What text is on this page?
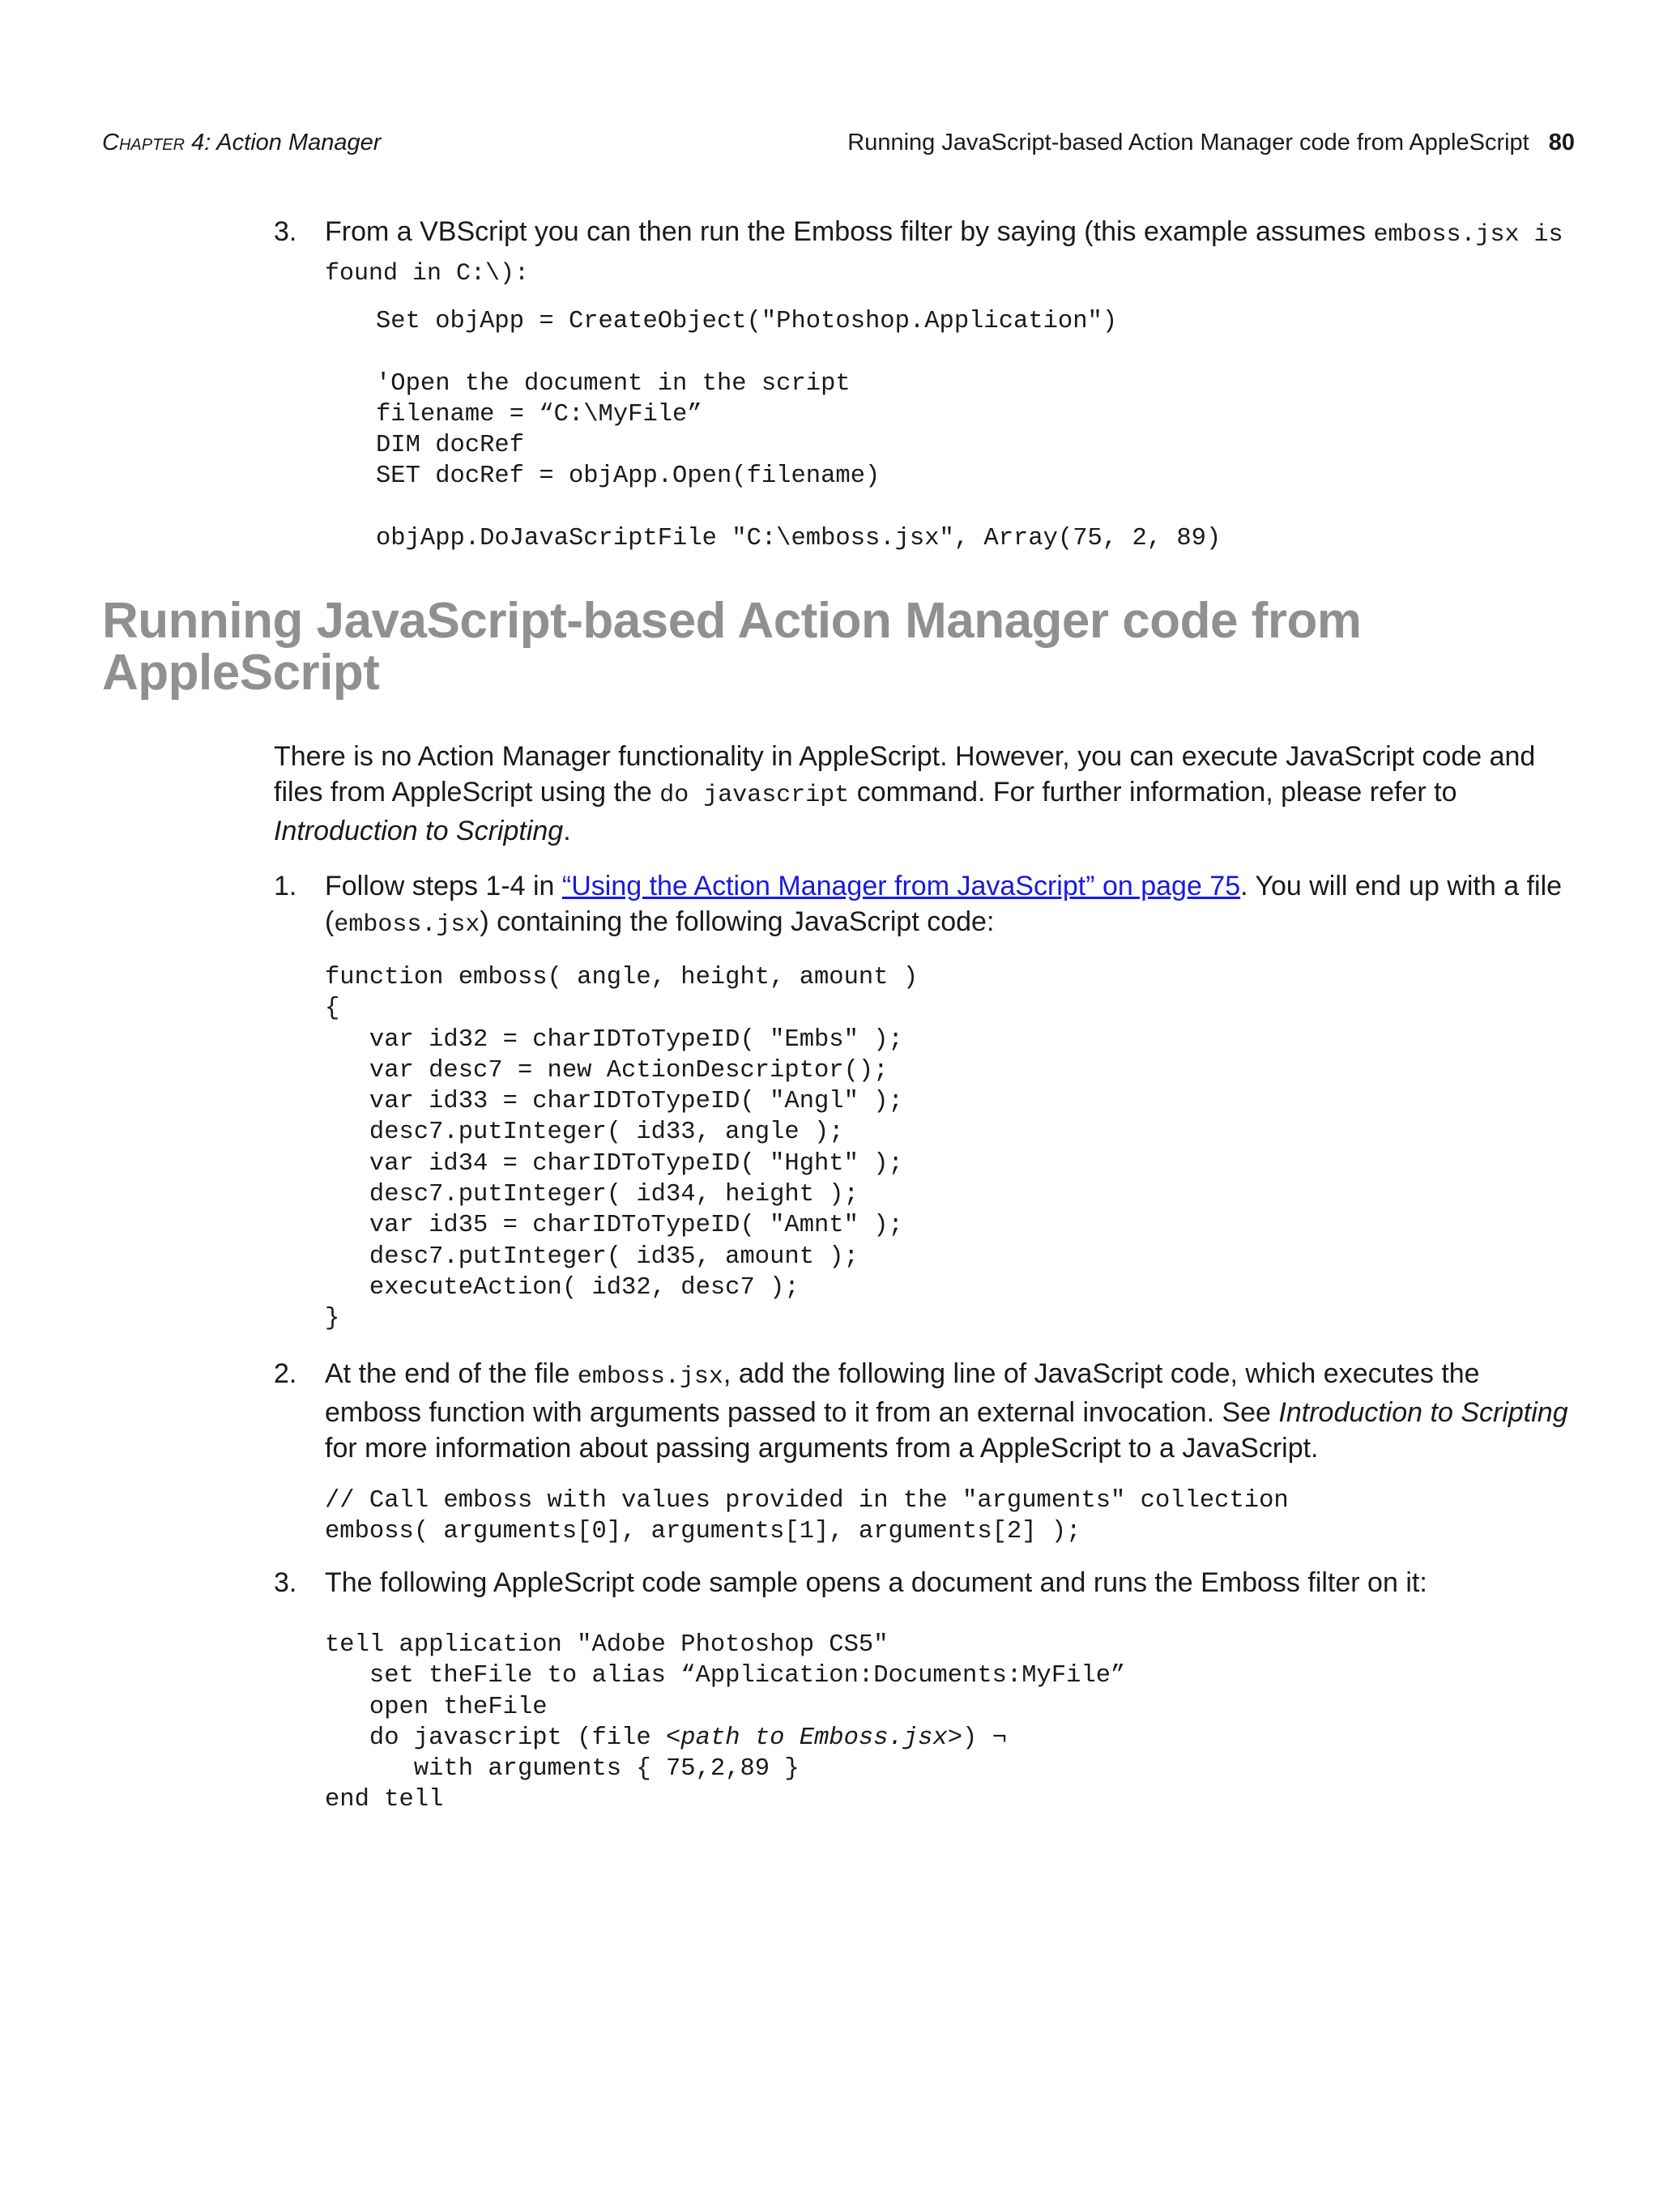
Chapter 4: Action Manager	Running JavaScript-based Action Manager code from AppleScript 80
3. From a VBScript you can then run the Emboss filter by saying (this example assumes emboss.jsx is found in C:\):
Set objApp = CreateObject("Photoshop.Application")
'Open the document in the script
filename = “C:\MyFile”
DIM docRef
SET docRef = objApp.Open(filename)
objApp.DoJavaScriptFile "C:\emboss.jsx", Array(75, 2, 89)
Running JavaScript-based Action Manager code from AppleScript
There is no Action Manager functionality in AppleScript. However, you can execute JavaScript code and files from AppleScript using the do javascript command. For further information, please refer to Introduction to Scripting.
1. Follow steps 1-4 in “Using the Action Manager from JavaScript” on page 75. You will end up with a file (emboss.jsx) containing the following JavaScript code:
function emboss( angle, height, amount )
{
var id32 = charIDToTypeID( "Embs" );
var desc7 = new ActionDescriptor();
var id33 = charIDToTypeID( "Angl" );
desc7.putInteger( id33, angle );
var id34 = charIDToTypeID( "Hght" );
desc7.putInteger( id34, height );
var id35 = charIDToTypeID( "Amnt" );
desc7.putInteger( id35, amount );
executeAction( id32, desc7 );
}
2. At the end of the file emboss.jsx, add the following line of JavaScript code, which executes the emboss function with arguments passed to it from an external invocation. See Introduction to Scripting for more information about passing arguments from a AppleScript to a JavaScript.
// Call emboss with values provided in the "arguments" collection
emboss( arguments[0], arguments[1], arguments[2] );
3. The following AppleScript code sample opens a document and runs the Emboss filter on it:
tell application "Adobe Photoshop CS5"
set theFile to alias “Application:Documents:MyFile”
open theFile
do javascript (file <path to Emboss.jsx>) ¬
with arguments { 75,2,89 }
end tell
